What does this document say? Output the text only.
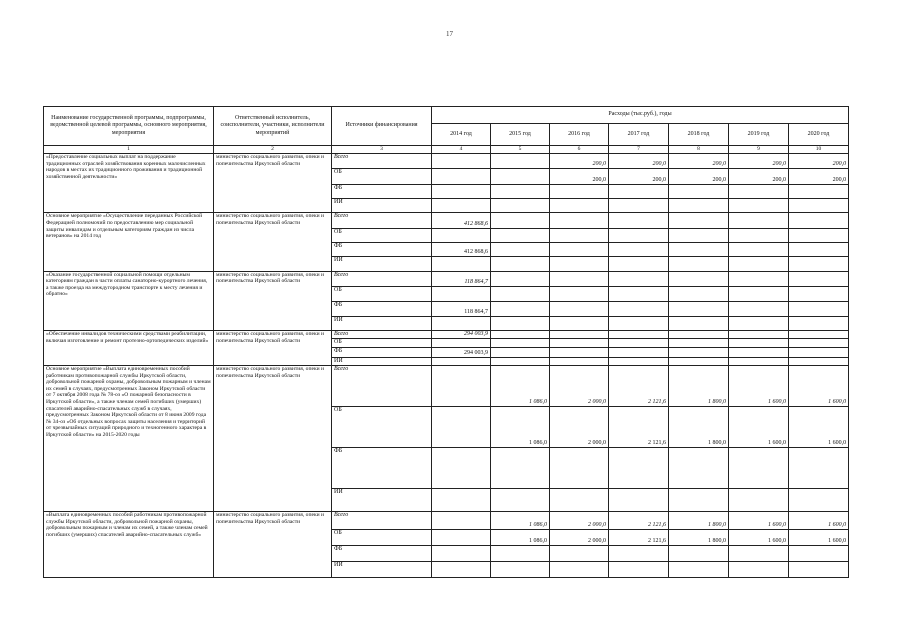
17
Наименование государственной программы, подпрограммы, ведомственной целевой программы, основного мероприятия, мероприятия	Ответственный исполнитель, соисполнители, участники, исполнители мероприятий	Источники финансирования	Расходы (тыс.руб.), годы						
			2014 год	2015 год	2016 год	2017 год	2018 год	2019 год	2020 год
1	2	3	4	5	6	7	8	9	10
«Предоставление социальных выплат на поддержание традиционных отраслей хозяйствования коренных малочисленных народов в местах их традиционного проживания и традиционной хозяйственной деятельности»	министерство социального развития, опеки и попечительства Иркутской области	Всего			200,0	200,0	200,0	200,0	200,0
		ОБ			200,0	200,0	200,0	200,0	200,0
		ФБ							
		ИИ							
Основное мероприятие «Осуществление переданных Российской Федерацией полномочий по предоставлению мер социальной защиты инвалидам и отдельным категориям граждан из числа ветеранов» на 2014 год	министерство социального развития, опеки и попечительства Иркутской области	Всего	412 868,6						
		ОБ							
		ФБ	412 868,6						
		ИИ							
«Оказание государственной социальной помощи отдельным категориям граждан в части оплаты санаторно-курортного лечения, а также проезда на междугородном транспорте к месту лечения и обратно»	министерство социального развития, опеки и попечительства Иркутской области	Всего	118 864,7						
		ОБ							
		ФБ	118 864,7						
		ИИ							
«Обеспечение инвалидов техническими средствами реабилитации, включая изготовление и ремонт протезно-ортопедических изделий»	министерство социального развития, опеки и попечительства Иркутской области	Всего	294 003,9						
		ОБ							
		ФБ	294 003,9						
		ИИ							
Основное мероприятие «Выплата единовременных пособий работникам противопожарной службы Иркутской области, добровольной пожарной охраны, добровольным пожарным и членам их семей в случаях, предусмотренных Законом Иркутской области от 7 октября 2008 года № 78-оз «О пожарной безопасности в Иркутской области», а также членам семей погибших (умерших) спасателей аварийно-спасательных служб в случаях, предусмотренных Законом Иркутской области от 8 июня 2009 года № 34-оз «Об отдельных вопросах защиты населения и территорий от чрезвычайных ситуаций природного и техногенного характера в Иркутской области» на 2015-2020 годы	министерство социального развития, опеки и попечительства Иркутской области	Всего		1 086,0	2 000,0	2 121,6	1 800,0	1 600,0	1 600,0
		ОБ		1 086,0	2 000,0	2 121,6	1 800,0	1 600,0	1 600,0
		ФБ							
		ИИ							
«Выплата единовременных пособий работникам противопожарной службы Иркутской области, добровольной пожарной охраны, добровольным пожарным и членам их семей, а также членам семей погибших (умерших) спасателей аварийно-спасательных служб»	министерство социального развития, опеки и попечительства Иркутской области	Всего		1 086,0	2 000,0	2 121,6	1 800,0	1 600,0	1 600,0
		ОБ		1 086,0	2 000,0	2 121,6	1 800,0	1 600,0	1 600,0
		ФБ							
		ИИ							
